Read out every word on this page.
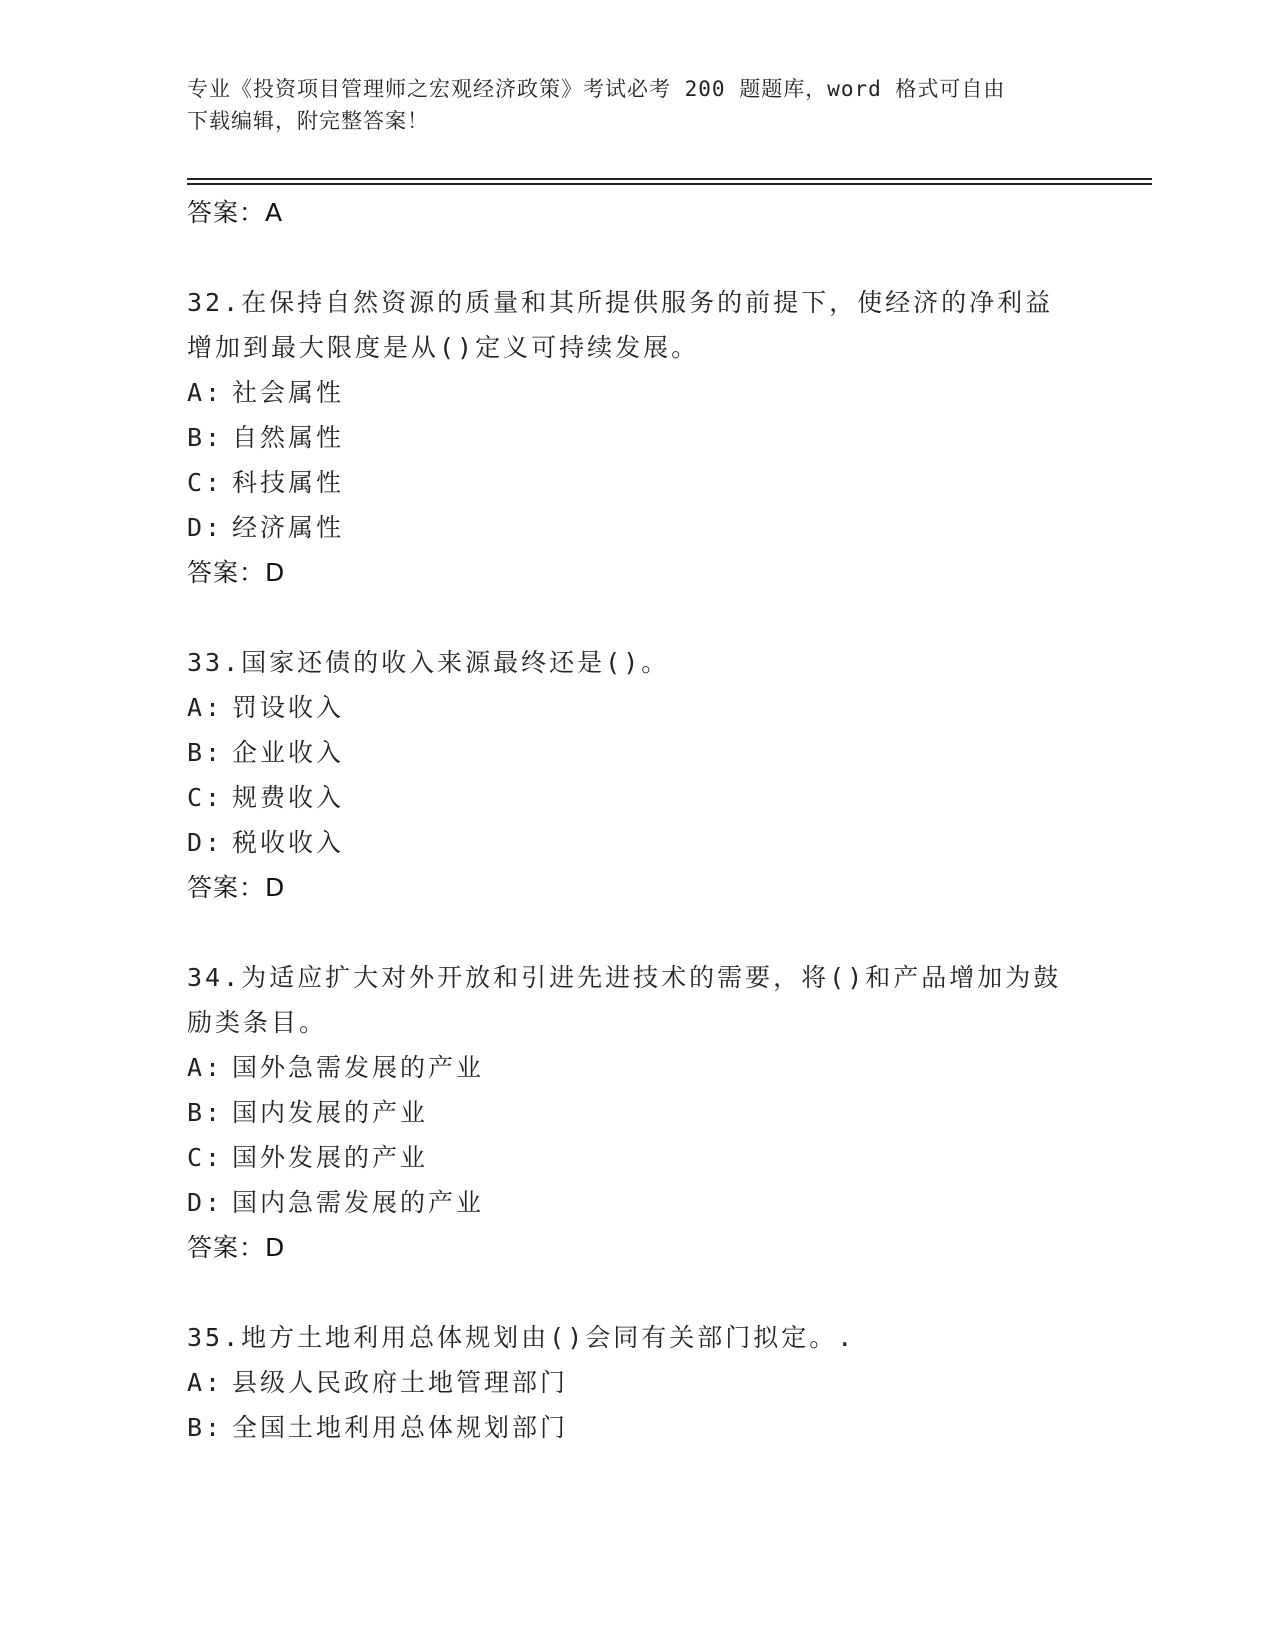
专业《投资项目管理师之宏观经济政策》考试必考 200 题题库，word 格式可自由
下载编辑，附完整答案！

答案：A

32.在保持自然资源的质量和其所提供服务的前提下，使经济的净利益

增加到最大限度是从()定义可持续发展。

A: 社会属性

B: 自然属性

C: 科技属性

D: 经济属性

答案：D

33.国家还债的收入来源最终还是()。

A: 罚设收入

B: 企业收入

C: 规费收入

D: 税收收入

答案：D

34.为适应扩大对外开放和引进先进技术的需要，将()和产品增加为鼓

励类条目。

A: 国外急需发展的产业

B: 国内发展的产业

C: 国外发展的产业

D: 国内急需发展的产业

答案：D

35.地方土地利用总体规划由()会同有关部门拟定。.

A: 县级人民政府土地管理部门

B: 全国土地利用总体规划部门
